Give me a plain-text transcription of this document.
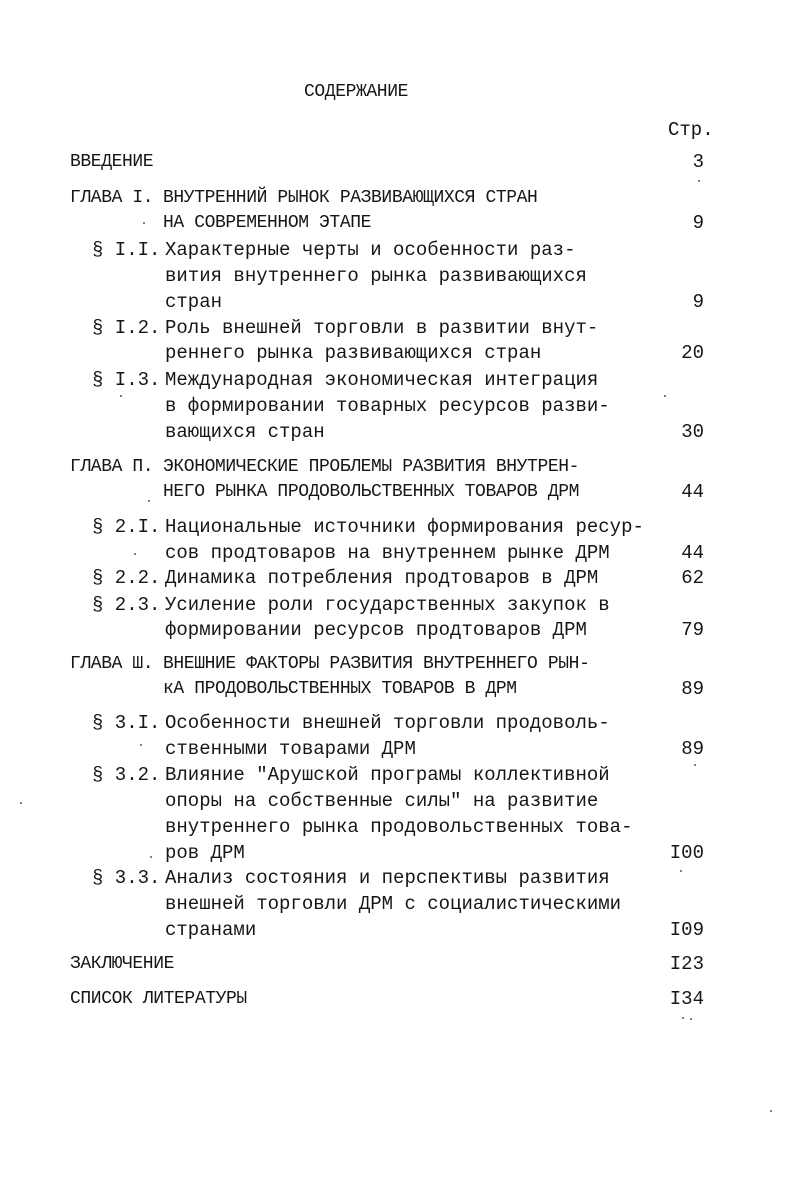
СОДЕРЖАНИЕ
Стр.
ВВЕДЕНИЕ	3
ГЛАВА I. ВНУТРЕННИЙ РЫНОК РАЗВИВАЮЩИХСЯ СТРАН
НА СОВРЕМЕННОМ ЭТАПЕ	9
§ I.I. Характерные черты и особенности раз-
вития внутреннего рынка развивающихся
стран	9
§ I.2. Роль внешней торговли в развитии внут-
реннего рынка развивающихся стран	20
§ I.3. Международная экономическая интеграция
в формировании товарных ресурсов разви-
вающихся стран	30
ГЛАВА П. ЭКОНОМИЧЕСКИЕ ПРОБЛЕМЫ РАЗВИТИЯ ВНУТРЕН-
НЕГО РЫНКА ПРОДОВОЛЬСТВЕННЫХ ТОВАРОВ ДРМ	44
§ 2.I. Национальные источники формирования ресур-
сов продтоваров на внутреннем рынке ДРМ	44
§ 2.2. Динамика потребления продтоваров в ДРМ	62
§ 2.3. Усиление роли государственных закупок в
формировании ресурсов продтоваров ДРМ	79
ГЛАВА Ш. ВНЕШНИЕ ФАКТОРЫ РАЗВИТИЯ ВНУТРЕННЕГО РЫН-
кА ПРОДОВОЛЬСТВЕННЫХ ТОВАРОВ В ДРМ	89
§ 3.I. Особенности внешней торговли продоволь-
ственными товарами ДРМ	89
§ 3.2. Влияние "Арушской програмы коллективной
опоры на собственные силы" на развитие
внутреннего рынка продовольственных това-
ров ДРМ	I00
§ 3.3. Анализ состояния и перспективы развития
внешней торговли ДРМ с социалистическими
странами	I09
ЗАКЛЮЧЕНИЕ	I23
СПИСОК ЛИТЕРАТУРЫ	I34
